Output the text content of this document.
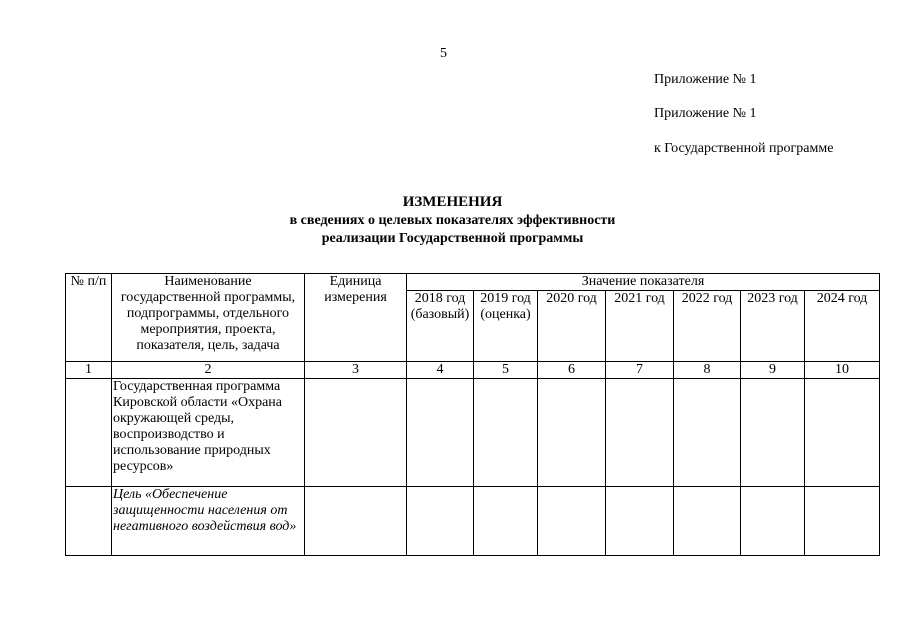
5
Приложение № 1
Приложение № 1
к Государственной программе
ИЗМЕНЕНИЯ
в сведениях о целевых показателях эффективности
реализации Государственной программы
№ п/п	Наименование государственной программы, подпрограммы, отдельного мероприятия, проекта, показателя, цель, задача	Единица измерения	Значение показателя						
			2018 год (базовый)	2019 год (оценка)	2020 год	2021 год	2022 год	2023 год	2024 год
1	2	3	4	5	6	7	8	9	10
	Государственная программа Кировской области «Охрана окружающей среды, воспроизводство и использование природных ресурсов»								
	Цель «Обеспечение защищенности населения от негативного воздействия вод»								
